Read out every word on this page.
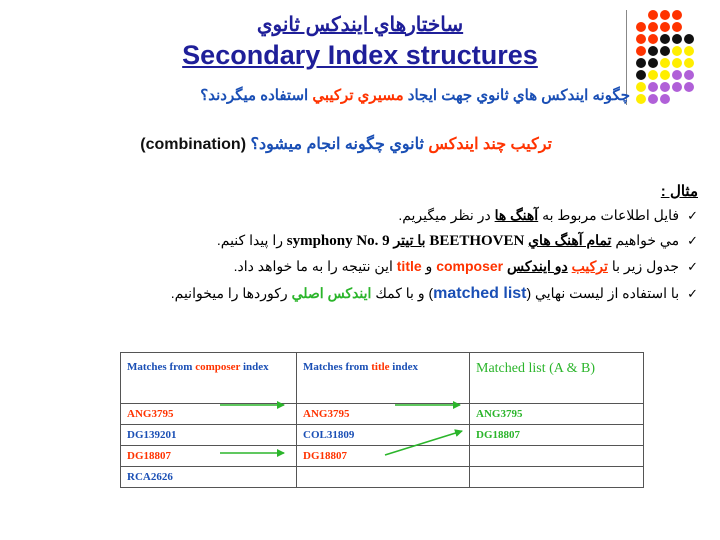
ساختارهاي ايندكس ثانوي
Secondary Index structures
چگونه ايندكس هاي ثانوي جهت ايجاد مسيري تركيبي استفاده ميگردند؟
تركيب چند ايندكس ثانوي چگونه انجام ميشود؟ (combination)
مثال :
✓فايل اطلاعات مربوط به آهنگ ها در نظر ميگيريم.
✓مي خواهيم تمام آهنگ هاي BEETHOVEN با تيتر symphony No. 9 را پيدا كنيم.
✓جدول زير با تركيب دو ايندكس composer و title اين نتيجه را به ما خواهد داد.
✓با استفاده از ليست نهايي (matched list) و با كمك ايندكس اصلي ركوردها را ميخوانيم.
Matches from composer index	Matches from title index	Matched list (A & B)
ANG3795	ANG3795	ANG3795
DG139201	COL31809	DG18807
DG18807	DG18807	
RCA2626		
